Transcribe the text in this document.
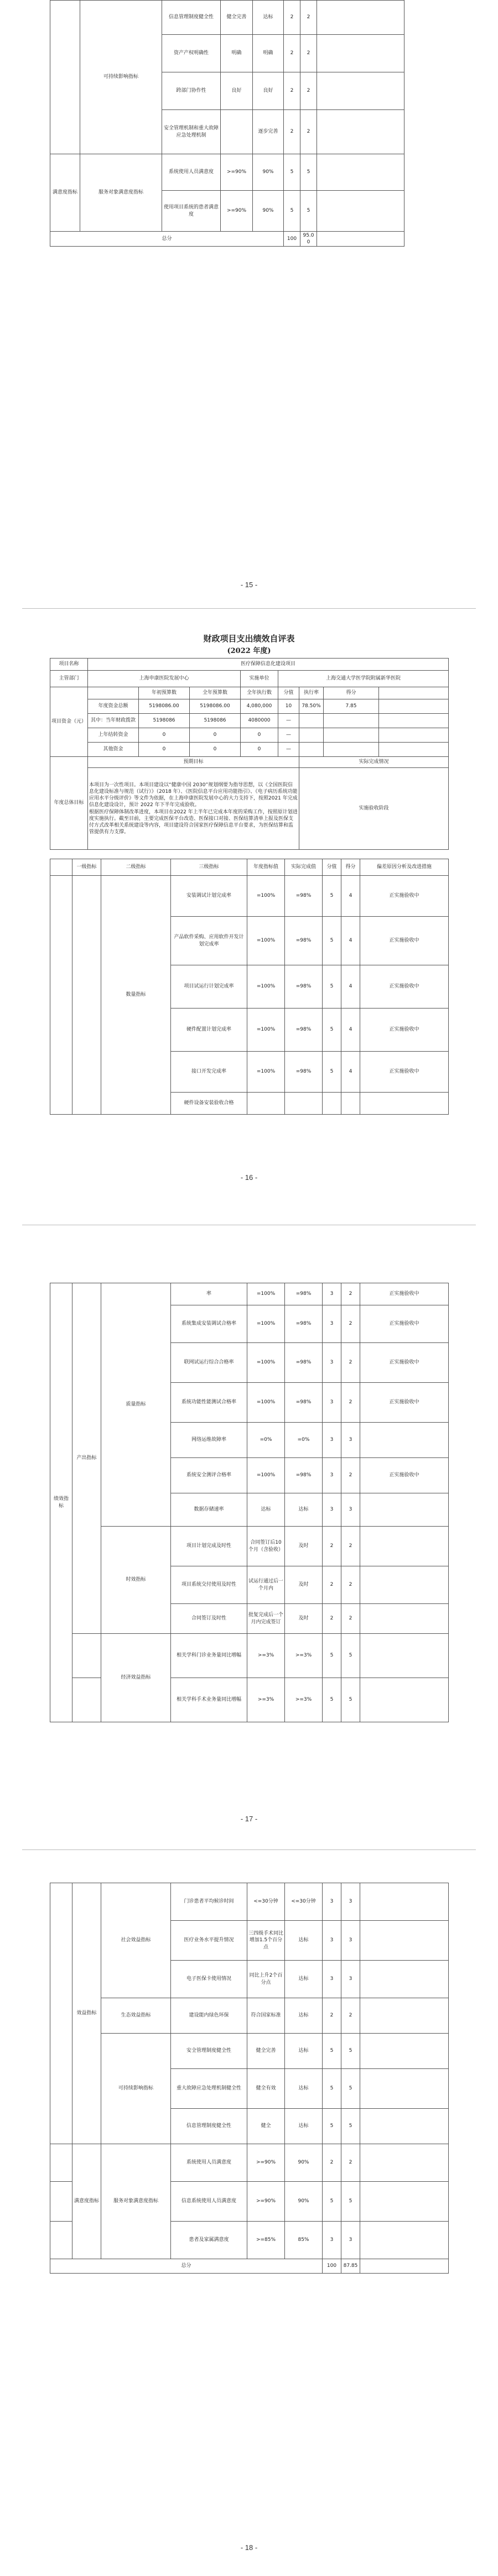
	可持续影响指标	信息管理制度健全性	健全完善	达标	2	2	
		资产产权明确性	明确	明确	2	2	
		跨部门协作性	良好	良好	2	2	
		安全管理机制和重大故障应急处理机制		逐步完善	2	2	
满意度指标	服务对象满意度指标	系统使用人员满意度	>=90%	90%	5	5	
		使用项目系统的患者满意度	>=90%	90%	5	5	
总分					100	95.00	
- 15 -
财政项目支出绩效自评表
(2022 年度)
项目名称	医疗保障信息化建设项目							
主管部门	上海申康医院发展中心			实施单位	上海交通大学医学院附属新华医院			
项目资金（元）		年初预算数	全年预算数	全年执行数	分值	执行率	得分	
	年度资金总额	5198086.00	5198086.00	4,080,000	10	78.50%	7.85	
	其中：当年财政拨款	5198086	5198086	4080000	—			
	上年结转资金	0	0	0	—			
	其他资金	0	0	0	—			
年度总体目标	预期目标					实际完成情况		

	本项目为一次性项目。本项目建设以“健康中国 2030”规划纲要为指导思想，以《全国医院信息化建设标准与规范（试行）》（2018 年）、《医院信息平台应用功能指引》、《电子病历系统功能应用水平分级评价》等文件为依据，在上海申康医院发展中心的大力支持下，按照2021 年完成信息化建设设计，预计 2022 年下半年完成验收。
根据医疗保障体制改革进度，本项目在2022 年上半年已完成本年度的采购工作，按照原计划进度实施执行。截至目前，主要完成医保平台改造、医保接口对接、医保结算清单上报及医保支付方式改革相关系统建设等内容，项目建设符合国家医疗保障信息平台要求，为医保结算和监管提供有力支撑。					实施验收阶段		
	一级指标	二级指标	三级指标	年度指标值	实际完成值	分值	得分	偏差原因分析及改进措施
		数量指标	安装调试计划完成率	=100%	=98%	5	4	正实施验收中
			产品软件采购、应用软件开发计划完成率	=100%	=98%	5	4	正实施验收中
			项目试运行计划完成率	=100%	=98%	5	4	正实施验收中
			硬件配置计划完成率	=100%	=98%	5	4	正实施验收中
			接口开发完成率	=100%	=98%	5	4	正实施验收中
			硬件设备安装验收合格					
- 16 -
绩效指标	产出指标	质量指标	率	=100%	=98%	3	2	正实施验收中
			系统集成安装调试合格率	=100%	=98%	3	2	正实施验收中
			联网试运行综合合格率	=100%	=98%	3	2	正实施验收中
			系统功能性能测试合格率	=100%	=98%	3	2	正实施验收中
			网络运维故障率	=0%	=0%	3	3	
			系统安全测评合格率	=100%	=98%	3	2	正实施验收中
			数据存储速率	达标	达标	3	3	
		时效指标	项目计划完成及时性	合同签订后10个月（含验收）	及时	2	2	
			项目系统交付使用及时性	试运行通过后一个月内	及时	2	2	
			合同签订及时性	批复完成后一个月内完成签订	及时	2	2	
		经济效益指标	相关学科门诊业务量同比增幅	>=3%	>=3%	5	5	
			相关学科手术业务量同比增幅	>=3%	>=3%	5	5	
- 17 -
	效益指标	社会效益指标	门诊患者平均候诊时间	<=30分钟	<=30分钟	3	3	
			医疗业务水平提升情况	三四级手术同比增加1.5个百分点	达标	3	3	
			电子医保卡使用情况	同比上升2个百分点	达标	3	3	
		生态效益指标	建设能内绿色环保	符合国家标准	达标	2	2	
		可持续影响指标	安全管理制度健全性	健全完善	达标	5	5	
			重大故障应急处理机制健全性	健全有效	达标	5	5	
			信息管理制度健全性	健全	达标	5	5	
	满意度指标	服务对象满意度指标	系统使用人员满意度	>=90%	90%	2	2	
			信息系统使用人员满意度	>=90%	90%	5	5	
			患者及家属满意度	>=85%	85%	3	3	
总分						100	87.85	
- 18 -
